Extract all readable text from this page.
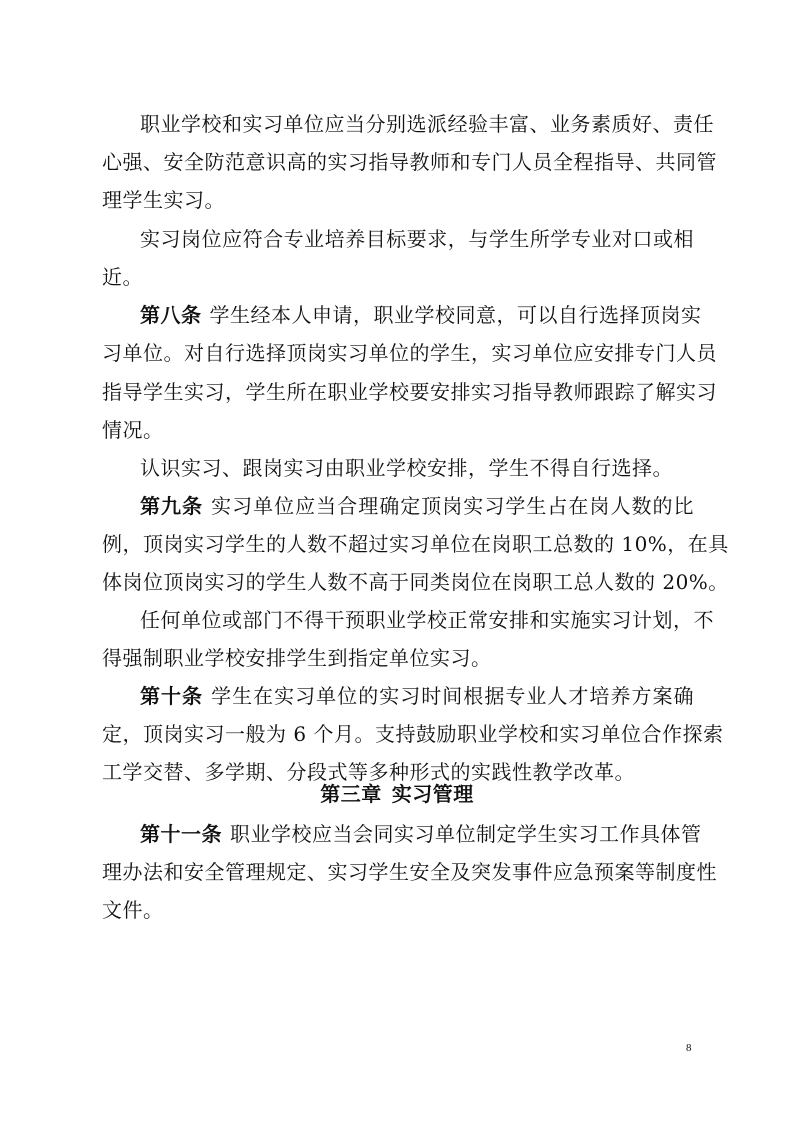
职业学校和实习单位应当分别选派经验丰富、业务素质好、责任
心强、安全防范意识高的实习指导教师和专门人员全程指导、共同管
理学生实习。
实习岗位应符合专业培养目标要求，与学生所学专业对口或相
近。
第八条 学生经本人申请，职业学校同意，可以自行选择顶岗实
习单位。对自行选择顶岗实习单位的学生，实习单位应安排专门人员
指导学生实习，学生所在职业学校要安排实习指导教师跟踪了解实习
情况。
认识实习、跟岗实习由职业学校安排，学生不得自行选择。
第九条 实习单位应当合理确定顶岗实习学生占在岗人数的比
例，顶岗实习学生的人数不超过实习单位在岗职工总数的 10%，在具
体岗位顶岗实习的学生人数不高于同类岗位在岗职工总人数的 20%。
任何单位或部门不得干预职业学校正常安排和实施实习计划，不
得强制职业学校安排学生到指定单位实习。
第十条 学生在实习单位的实习时间根据专业人才培养方案确
定，顶岗实习一般为 6 个月。支持鼓励职业学校和实习单位合作探索
工学交替、多学期、分段式等多种形式的实践性教学改革。
第三章 实习管理
第十一条 职业学校应当会同实习单位制定学生实习工作具体管
理办法和安全管理规定、实习学生安全及突发事件应急预案等制度性
文件。
8
